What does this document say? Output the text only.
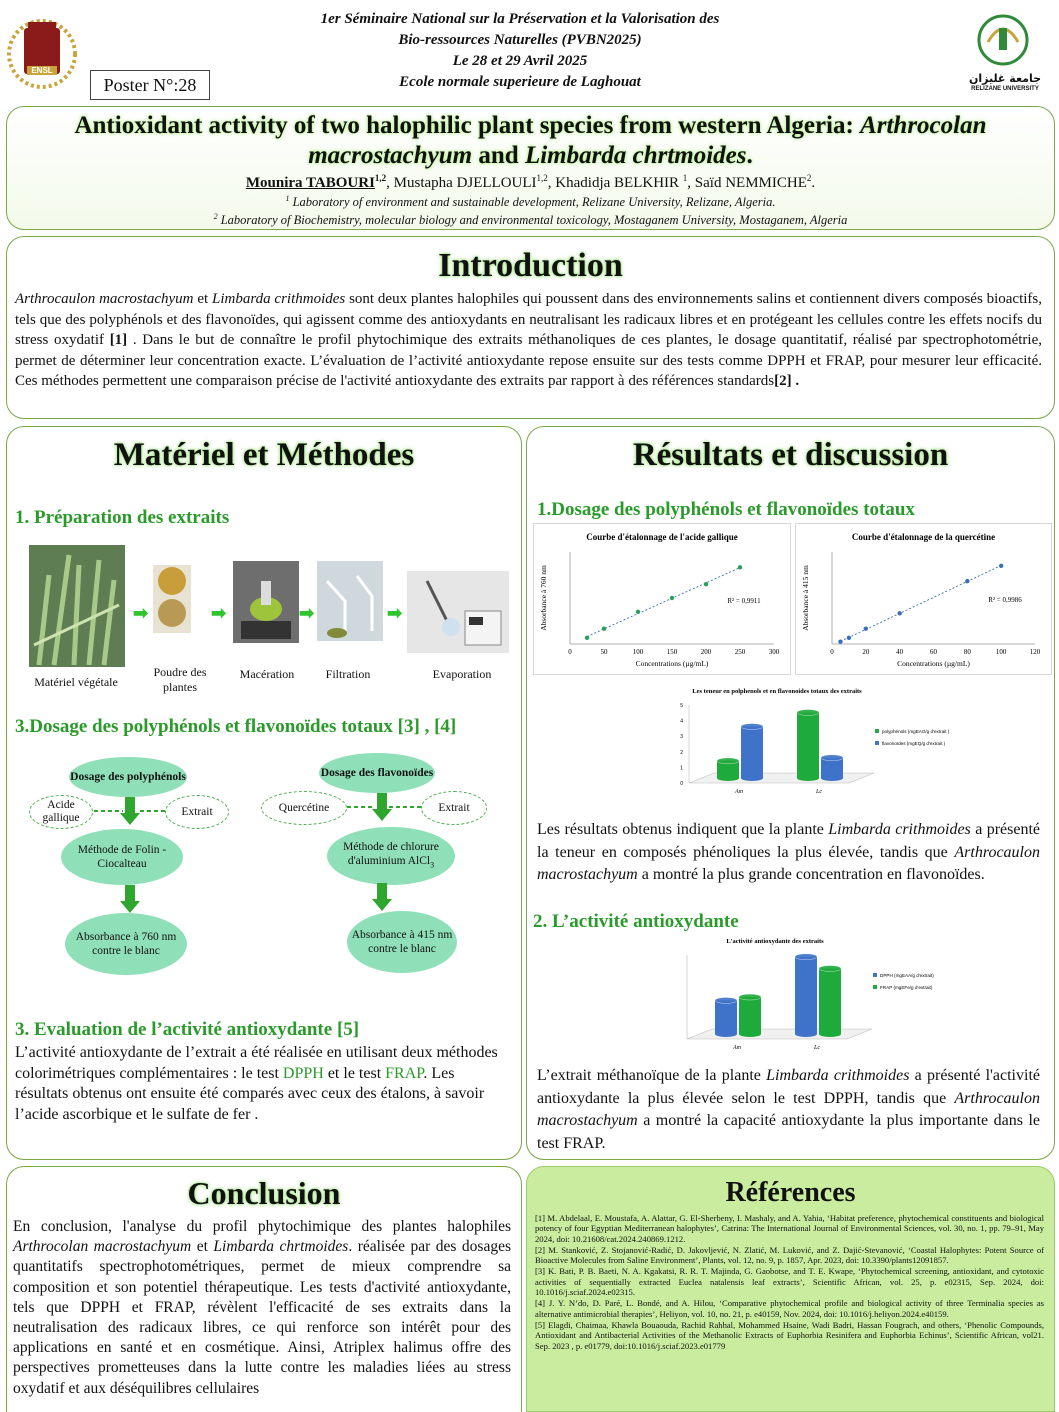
ENSL
Poster N°:28
1er Séminaire National sur la Préservation et la Valorisation des
Bio-ressources Naturelles (PVBN2025)
Le 28 et 29 Avril 2025
Ecole normale superieure de Laghouat	جامعة غليزان
RELIZANE UNIVERSITY
Antioxidant activity of two halophilic plant species from western Algeria: Arthrocolan
macrostachyum and Limbarda chrtmoides.
Mounira TABOURI$^{1,2}$, Mustapha DJELLOULI$^{1,2}$, Khadidja BELKHIR $^1$, Saïd NEMMICHE$^2$.
$^1$ Laboratory of environment and sustainable development, Relizane University, Relizane, Algeria.
$^2$ Laboratory of Biochemistry, molecular biology and environmental toxicology, Mostaganem University, Mostaganem, Algeria
Introduction
Arthrocaulon macrostachyum et Limbarda crithmoides sont deux plantes halophiles qui poussent dans des environnements salins et contiennent divers composés bioactifs, tels que des polyphénols et des flavonoïdes, qui agissent comme des antioxydants en neutralisant les radicaux libres et en protégeant les cellules contre les effets nocifs du stress oxydatif [1] . Dans le but de connaître le profil phytochimique des extraits méthanoliques de ces plantes, le dosage quantitatif, réalisé par spectrophotométrie, permet de déterminer leur concentration exacte. L’évaluation de l’activité antioxydante repose ensuite sur des tests comme DPPH et FRAP, pour mesurer leur efficacité. Ces méthodes permettent une comparaison précise de l'activité antioxydante des extraits par rapport à des références standards[2] .
Matériel et Méthodes
1. Préparation des extraits
Matériel végétale
➡
Poudre des plantes
➡
Macération
➡
Filtration
➡
Evaporation
3.Dosage des polyphénols et flavonoïdes totaux [3] , [4]
Dosage des polyphénols
Acide gallique
Extrait
Méthode de Folin - Ciocalteau
Absorbance à 760 nm contre le blanc
Dosage des flavonoïdes
Quercétine	Extrait
Méthode de chlorure d'aluminium AlCl$_3$
Absorbance à 415 nm contre le blanc
3. Evaluation de l’activité antioxydante [5]
L’activité antioxydante de l’extrait a été réalisée en utilisant deux méthodes colorimétriques complémentaires : le test DPPH et le test FRAP. Les résultats obtenus ont ensuite été comparés avec ceux des étalons, à savoir l’acide ascorbique et le sulfate de fer .
Résultats et discussion
1.Dosage des polyphénols et flavonoïdes totaux
Courbe d'étalonnage de l'acide gallique
0	50	100	150	200	250	300
Concentrations (µg/mL)
Absorbance à 760 nm	R² = 0,9911
Courbe d'étalonnage de la quercétine
0	20	40	60	80	100	120
Concentrations (µg/mL)
Absorbance à 415 nm	R² = 0,9986
Les teneur en polphenols et en flavonoides totaux des extraits
0
1
2
3
4
5
Am	Lc
polyphénols (mgEAG/g d'extrait )
flavonoïdes (mgEQ/g d'extrait )
Les résultats obtenus indiquent que la plante Limbarda crithmoides a présenté la teneur en composés phénoliques la plus élevée, tandis que Arthrocaulon macrostachyum a montré la plus grande concentration en flavonoïdes.
2. L’activité antioxydante
L'activité antioxydante des extraits
Am	Lc
DPPH (mgEAA/g d'extrait)
FRAP (mgEFe/g d'extrait)
L’extrait méthanoïque de la plante Limbarda crithmoides a présenté l'activité antioxydante la plus élevée selon le test DPPH, tandis que Arthrocaulon macrostachyum a montré la capacité antioxydante la plus importante dans le test FRAP.
Conclusion
En conclusion, l'analyse du profil phytochimique des plantes halophiles Arthrocolan macrostachyum et Limbarda chrtmoides. réalisée par des dosages quantitatifs spectrophotométriques, permet de mieux comprendre sa composition et son potentiel thérapeutique. Les tests d'activité antioxydante, tels que DPPH et FRAP, révèlent l'efficacité de ses extraits dans la neutralisation des radicaux libres, ce qui renforce son intérêt pour des applications en santé et en cosmétique. Ainsi, Atriplex halimus offre des perspectives prometteuses dans la lutte contre les maladies liées au stress oxydatif et aux déséquilibres cellulaires
Références

[1] M. Abdelaal, E. Moustafa, A. Alattar, G. El-Sherbeny, I. Mashaly, and A. Yahia, ‘Habitat preference, phytochemical constituents and biological potency of four Egyptian Mediterranean halophytes’, Catrina: The International Journal of Environmental Sciences, vol. 30, no. 1, pp. 79–91, May 2024, doi: 10.21608/cat.2024.240869.1212.

[2] M. Stanković, Z. Stojanović-Radić, D. Jakovljević, N. Zlatić, M. Luković, and Z. Dajić-Stevanović, ‘Coastal Halophytes: Potent Source of Bioactive Molecules from Saline Environment’, Plants, vol. 12, no. 9, p. 1857, Apr. 2023, doi: 10.3390/plants12091857.

[3] K. Bati, P. B. Baeti, N. A. Kgakatsi, R. R. T. Majinda, G. Gaobotse, and T. E. Kwape, ‘Phytochemical screening, antioxidant, and cytotoxic activities of sequentially extracted Euclea natalensis leaf extracts’, Scientific African, vol. 25, p. e02315, Sep. 2024, doi: 10.1016/j.sciaf.2024.e02315.

[4] J. Y. N’do, D. Paré, L. Bondé, and A. Hilou, ‘Comparative phytochemical profile and biological activity of three Terminalia species as alternative antimicrobial therapies’, Heliyon, vol. 10, no. 21, p. e40159, Nov. 2024, doi: 10.1016/j.heliyon.2024.e40159.

[5] Elagdi, Chaimaa, Khawla Bouaouda, Rachid Rahhal, Mohammed Hsaine, Wadi Badri, Hassan Fougrach, and others, ‘Phenolic Compounds, Antioxidant and Antibacterial Activities of the Methanolic Extracts of Euphorbia Resinifera and Euphorbia Echinus’, Scientific African, vol21. Sep. 2023 , p. e01779, doi:10.1016/j.sciaf.2023.e01779
